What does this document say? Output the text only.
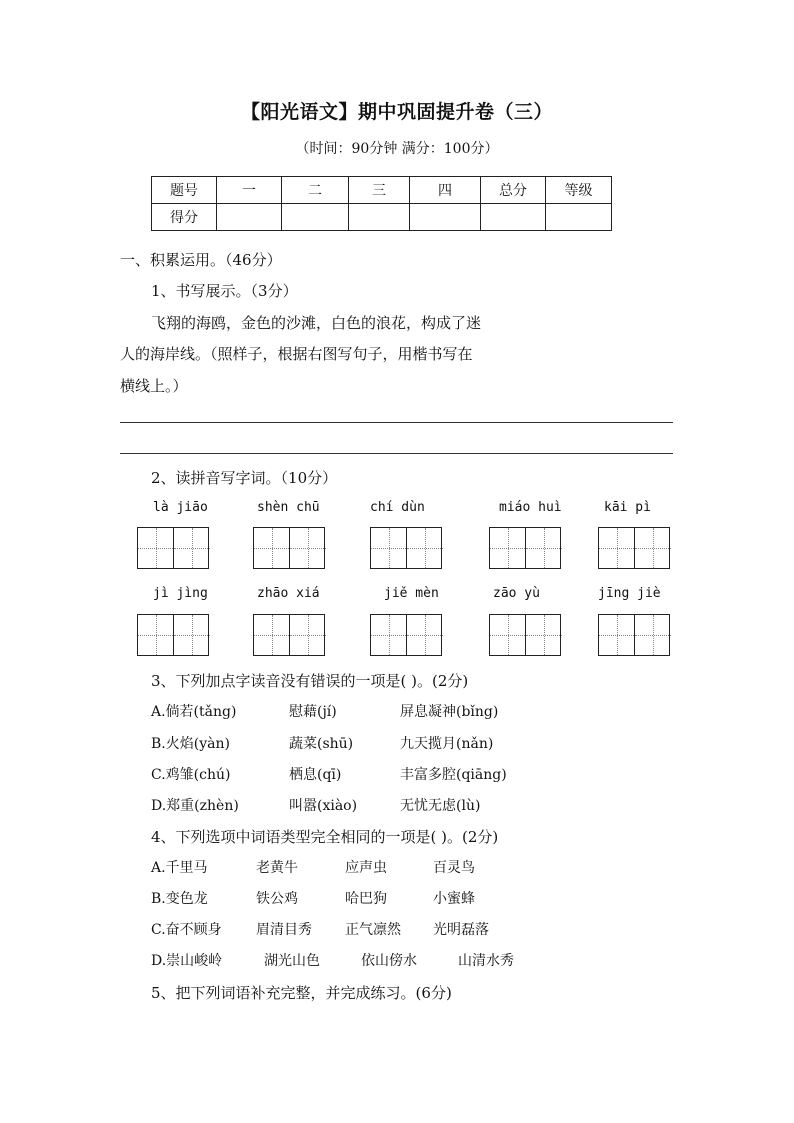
【阳光语文】期中巩固提升卷（三）
（时间：90分钟 满分：100分）
题号	一	二	三	四	总分	等级
得分						
一、积累运用。（46分）
1、书写展示。（3分）
飞翔的海鸥，金色的沙滩，白色的浪花，构成了迷
人的海岸线。（照样子，根据右图写句子，用楷书写在
横线上。）
2、读拼音写字词。（10分）
là jiāo	shèn chū	chí dùn	miáo huì	kāi pì
jì jìng	zhāo xiá	jiě mèn	zāo yù	jīng jiè
3、下列加点字读音没有错误的一项是( )。(2分)
A.倘若(tǎng)	慰藉(jí)	屏息凝神(bǐng)
B.火焰(yàn)	蔬菜(shū)	九天揽月(nǎn)
C.鸡雏(chú)	栖息(qī)	丰富多腔(qiāng)
D.郑重(zhèn)	叫嚣(xiào)	无忧无虑(lù)
4、下列选项中词语类型完全相同的一项是( )。(2分)
A.千里马	老黄牛	应声虫	百灵鸟
B.变色龙	铁公鸡	哈巴狗	小蜜蜂
C.奋不顾身 眉清目秀 正气凛然 光明磊落
D.崇山峻岭	湖光山色	依山傍水	山清水秀
5、把下列词语补充完整，并完成练习。(6分)
